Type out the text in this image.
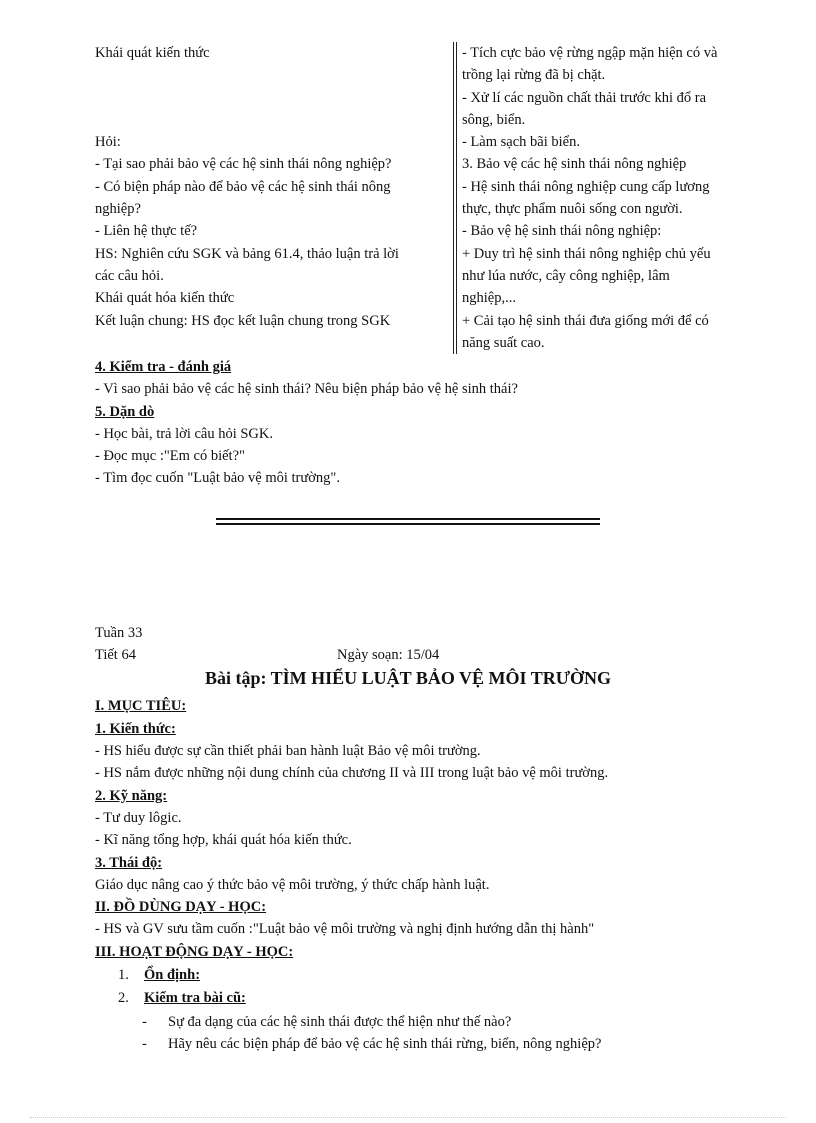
Khái quát kiến thức

Hỏi:
- Tại sao phải bảo vệ các hệ sinh thái nông nghiệp?
- Có biện pháp nào để bảo vệ các hệ sinh thái nông
nghiệp?
- Liên hệ thực tế?
HS: Nghiên cứu SGK và bảng 61.4, thảo luận trả lời
các câu hỏi.
Khái quát hóa kiến thức
Kết luận chung: HS đọc kết luận chung trong SGK
- Tích cực bảo vệ rừng ngập mặn hiện có và
trồng lại rừng đã bị chặt.
- Xử lí các nguồn chất thải trước khi đổ ra
sông, biển.
- Làm sạch bãi biển.
3. Bảo vệ các hệ sinh thái nông nghiệp
- Hệ sinh thái nông nghiệp cung cấp lương
thực, thực phẩm nuôi sống con người.
- Bảo vệ hệ sinh thái nông nghiệp:
+ Duy trì hệ sinh thái nông nghiệp chủ yếu
như lúa nước, cây công nghiệp, lâm
nghiệp,...
+ Cải tạo hệ sinh thái đưa giống mới để có
năng suất cao.
4. Kiểm tra - đánh giá
- Vì sao phải bảo vệ các hệ sinh thái? Nêu biện pháp bảo vệ hệ sinh thái?
5. Dặn dò
- Học bài, trả lời câu hỏi SGK.
- Đọc mục :"Em có biết?"
- Tìm đọc cuốn "Luật bảo vệ môi trường".
Tuần 33
Tiết 64	Ngày soạn: 15/04
Bài tập: TÌM HIỂU LUẬT BẢO VỆ MÔI TRƯỜNG
I. MỤC TIÊU:
1. Kiến thức:
- HS hiểu được sự cần thiết phải ban hành luật Bảo vệ môi trường.
- HS nắm được những nội dung chính của chương II và III trong luật bảo vệ môi trường.
2. Kỹ năng:
- Tư duy lôgic.
- Kĩ năng tổng hợp, khái quát hóa kiến thức.
3. Thái độ:
Giáo dục nâng cao ý thức bảo vệ môi trường, ý thức chấp hành luật.
II. ĐỒ DÙNG DẠY - HỌC:
- HS và GV sưu tầm cuốn :"Luật bảo vệ môi trường và nghị định hướng dẫn thị hành"
III. HOẠT ĐỘNG DẠY - HỌC:
1. Ổn định:
2. Kiểm tra bài cũ:
- Sự đa dạng của các hệ sinh thái được thể hiện như thế nào?
- Hãy nêu các biện pháp để bảo vệ các hệ sinh thái rừng, biển, nông nghiệp?
